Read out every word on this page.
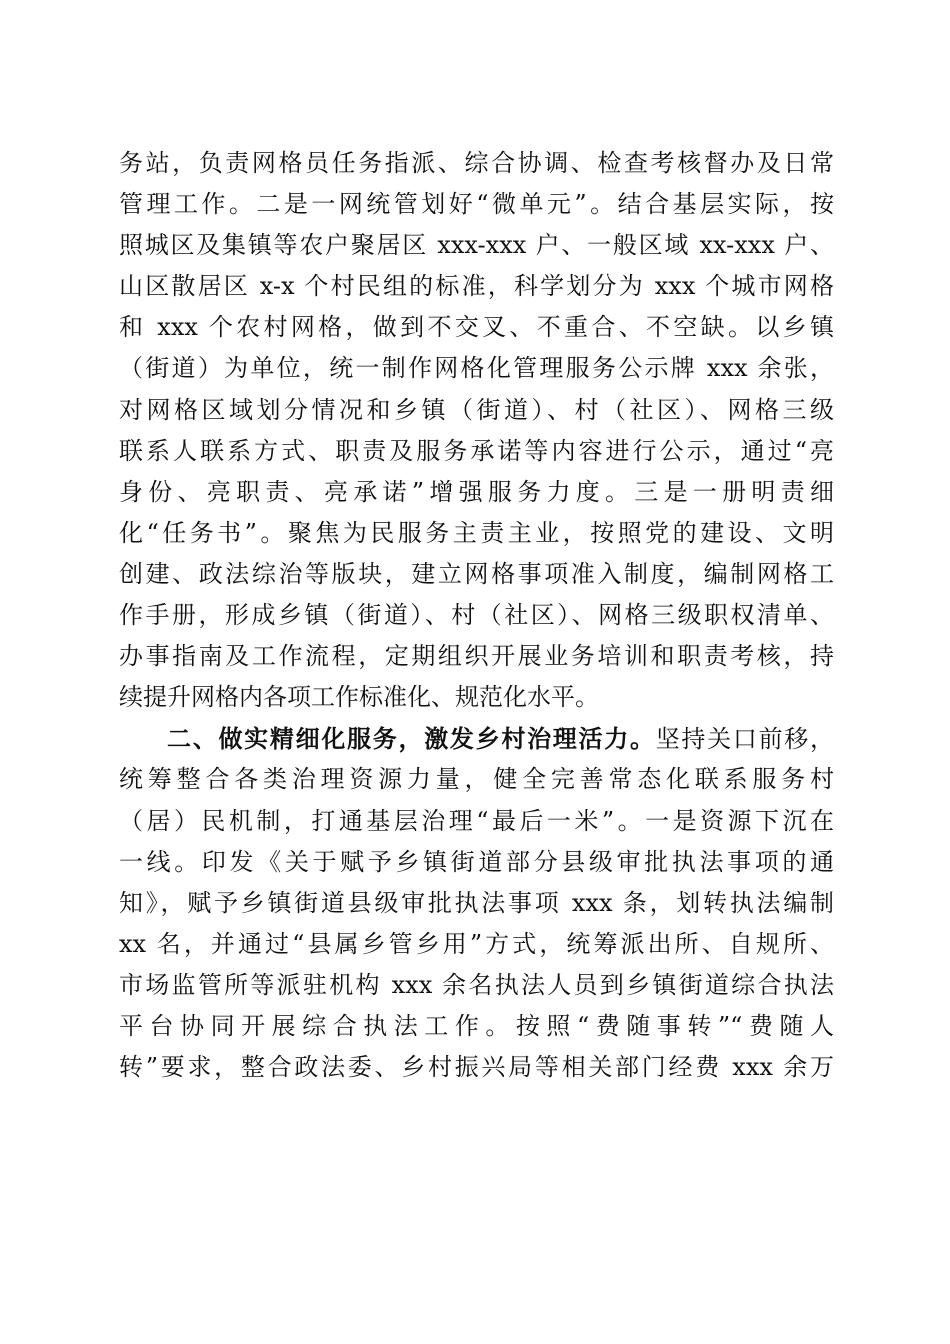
务站，负责网格员任务指派、综合协调、检查考核督办及日常
管理工作。二是一网统管划好“微单元”。结合基层实际，按
照城区及集镇等农户聚居区 xxx-xxx 户、一般区域 xx-xxx 户、
山区散居区 x-x 个村民组的标准，科学划分为 xxx 个城市网格
和 xxx 个农村网格，做到不交叉、不重合、不空缺。以乡镇
（街道）为单位，统一制作网格化管理服务公示牌 xxx 余张，
对网格区域划分情况和乡镇（街道）、村（社区）、网格三级
联系人联系方式、职责及服务承诺等内容进行公示，通过“亮
身份、亮职责、亮承诺”增强服务力度。三是一册明责细
化“任务书”。聚焦为民服务主责主业，按照党的建设、文明
创建、政法综治等版块，建立网格事项准入制度，编制网格工
作手册，形成乡镇（街道）、村（社区）、网格三级职权清单、
办事指南及工作流程，定期组织开展业务培训和职责考核，持
续提升网格内各项工作标准化、规范化水平。
二、做实精细化服务，激发乡村治理活力。坚持关口前移，
统筹整合各类治理资源力量，健全完善常态化联系服务村
（居）民机制，打通基层治理“最后一米”。一是资源下沉在
一线。印发《关于赋予乡镇街道部分县级审批执法事项的通
知》，赋予乡镇街道县级审批执法事项 xxx 条，划转执法编制
xx 名，并通过“县属乡管乡用”方式，统筹派出所、自规所、
市场监管所等派驻机构 xxx 余名执法人员到乡镇街道综合执法
平台协同开展综合执法工作。按照“费随事转”“费随人
转”要求，整合政法委、乡村振兴局等相关部门经费 xxx 余万
